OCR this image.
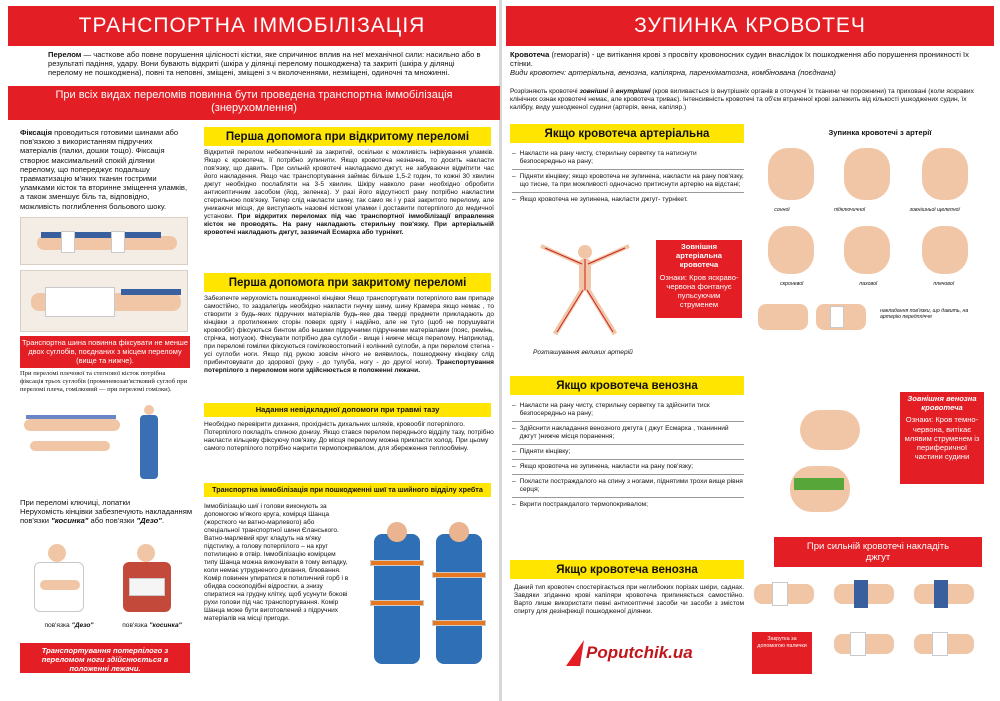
ТРАНСПОРТНА ІММОБІЛІЗАЦІЯ
Перелом — часткове або повне порушення цілісності кістки, яке спричинює вплив на неї механічної сили: насильно або в результаті падіння, удару. Вони бувають відкриті (шкіра у ділянці перелому пошкоджена) та закриті (шкіра у ділянці перелому не пошкоджена), повні та неповні, зміщені, зміщені з ч вколоченнями, незміщені, одиночні та множинні.
При всіх видах переломів повинна бути проведена транспортна іммобілізація (знерухомлення)
Фіксація проводиться готовими шинами або пов'язкою з використанням підручних матеріалів (палки, дошки тощо). Фіксація створює максимальний спокій ділянки перелому, що попереджує подальшу травматизацію м'яких тканин гострими уламками кісток та вторинне зміщення уламків, а також зменшує біль та, відповідно, можливість поглиблення больового шоку.
Транспортна шина повинна фіксувати не менше двох суглобів, поєднаних з місцем перелому (вище та нижче).
При переломі плечової та стегнової кісток потрібна фіксація трьох суглобів (променевозап'ястковий суглоб при переломі плеча, гомілковий — при переломі гомілки).
При переломі ключиці, лопатки
Нерухомість кінцівки забезпечують накладанням пов'язки "косинка" або пов'язки "Дезо".
пов'язка "Дезо"	пов'язка "косинка"
Транспортування потерпілого з переломом ноги здійснюється в положенні лежачи.
Перша допомога при відкритому переломі
Відкритий перелом небезпечніший за закритий, оскільки є можливість інфікування уламків. Якщо є кровотеча, її потрібно зупинити. Якщо кровотеча незначна, то досить накласти пов'язку, що давить. При сильній кровотечі накладаємо джгут, не забуваючи відмітити час його накладення. Якщо час транспортування займає більше 1,5-2 годин, то кожні 30 хвилин джгут необхідно послабляти на 3-5 хвилин. Шкіру навколо рани необхідно обробити антисептичним засобом (йод, зеленка). У разі його відсутності рану потрібно накластим стерильною пов'язку. Тепер слід накласти шину, так само як і у разі закритого перелому, але уникаючи місця, де виступають назовні кісткові уламки і доставити потерпілого до медичної установи. При відкритих переломах під час транспортної іммобілізації вправлення кісток не проводять. На рану накладають стерильну пов'язку. При артеріальній кровотечі накладають джгут, зазвичай Есмарха або турнікет.
Перша допомога при закритому переломі
Забезпечте нерухомість пошкодженої кінцівки Якщо транспортувати потерпілого вам припаде самостійно, то заздалегідь необхідно накласти гнучку шину, шину Крамера якщо немає , то створити з будь-яких підручних матеріалів будь-яке два тверді предмети прикладають до кінцівки з протилежних сторін поверх одягу і надійно, але не туго (щоб не порушувати кровообіг) фіксуються бинтом або іншими підручними підручними матеріалами (пояс, ремінь, стрічка, мотузок). Фіксувати потрібно два суглоби - вище і нижче місця перелому. Наприклад, при переломі гомілки фіксуються гомілковостопний і колінний суглоби, а при переломі стегна - усі суглоби ноги. Якщо під рукою зовсім нічого не виявилось, пошкоджену кінцівку слід прибинтовувати до здорової (руку - до тулуба, ногу - до другої ноги). Транспортування потерпілого з переломом ноги здійснюється в положенні лежачи.
Надання невідкладної допомоги при травмі тазу
Необхідно перевірити дихання, прохідність дихальних шляхів, кровообіг потерпілого. Потерпілого покладіть спиною донизу. Якщо стався перелом переднього відділу тазу, потрібно накласти кільцеву фіксуючу пов'язку. До місця перелому можна прикласти холод. При цьому самого потерпілого потрібно накрити термопокривалом, для збереження теплообміну.
Транспортна іммобілізація при пошкодженні шиї та шийного відділу хребта
Іммобілізацію шиї і голови виконують за допомогою м'якого круга, комірця Шанца (жорсткого чи ватно-марлевого) або спеціальної транспортної шини Єланського. Ватно-марлевий круг кладуть на м'яку підстилку, а голову потерпілого – на круг потилицею в отвір. Іммобілізацію комірцем типу Шанца можна виконувати в тому випадку, коли немає утрудненого дихання, блювання. Комір повинен упиратися в потиличний горб і в обидва соскоподібні відростки, а знизу спиратися на грудну клітку, щоб усунути бокові рухи голови під час транспортування. Комір Шанца може бути виготовлений з підручних матеріалів на місці пригоди.
ЗУПИНКА КРОВОТЕЧ
Кровотеча (геморагія) - це витікання крові з просвіту кровоносних судин внаслідок їх пошкодження або порушення проникності їх стінки.
Види кровотеч: артеріальна, венозна, капілярна, паренхіматозна, комбінована (поєднана)
Розрізняють кровотечі зовнішні й внутрішні (кров виливається із внутрішніх органів в оточуючі їх тканини чи порожнини) та приховані (коли яскравих клінічних ознак кровотечі немає, але кровотеча триває). Інтенсивність кровотечі та об'єм втраченої крові залежить від кількості ушкоджених судин, їх калібру, виду ушкодженої судини (артерія, вена, капіляр.)
Якщо кровотеча артеріальна
– Накласти на рану чисту, стерильну серветку та натиснути безпосередньо на рану;
– Підняти кінцівку; якщо кровотеча не зупинена, накласти на рану пов'язку, що тисне, та при можливості одночасно притиснути артерію на відстані;
– Якщо кровотеча не зупинена, накласти джгут- турнікет.
Розташування великих артерій
Зовнішня артеріальна кровотеча
Ознаки: Кров яскраво-червона фонтанує пульсуючим струменем
Зупинка кровотечі з артерії
сонної	підключичної	зовнішньої щелепної
скроневої	пахової	плечової
накладання пов'язки, що давить, на артерію передпліччя
Якщо кровотеча венозна
– Накласти на рану чисту, стерильну серветку та здійснити тиск безпосередньо на рану;
– Здійснити накладання венозного джгута ( джут Есмарха , тканинний джгут )нижче місця поранення;
– Підняти кінцівку;
– Якщо кровотеча не зупинена, накласти на рану пов'язку;
– Покласти постраждалого на спину з ногами, піднятими трохи вище рівня серця;
– Вкрити постраждалого термопокривалом;
Зовнішня венозна кровотеча
Ознаки: Кров темно-червона, витікає млявим струменем із периферичної частини судини
При сильній кровотечі накладіть джгут
Закрутка за допомогою палички
Якщо кровотеча венозна
Даний тип кровотеч спостерігається при неглибоких порізах шкіри, саднах. Завдяки згіданню крові капіляри кровотеча припиняється самостійно. Варто лише використати певні антисептичні засоби чи засоби з змістом спирту для дезінфекції пошкодженої ділянки.
Poputchik.ua
